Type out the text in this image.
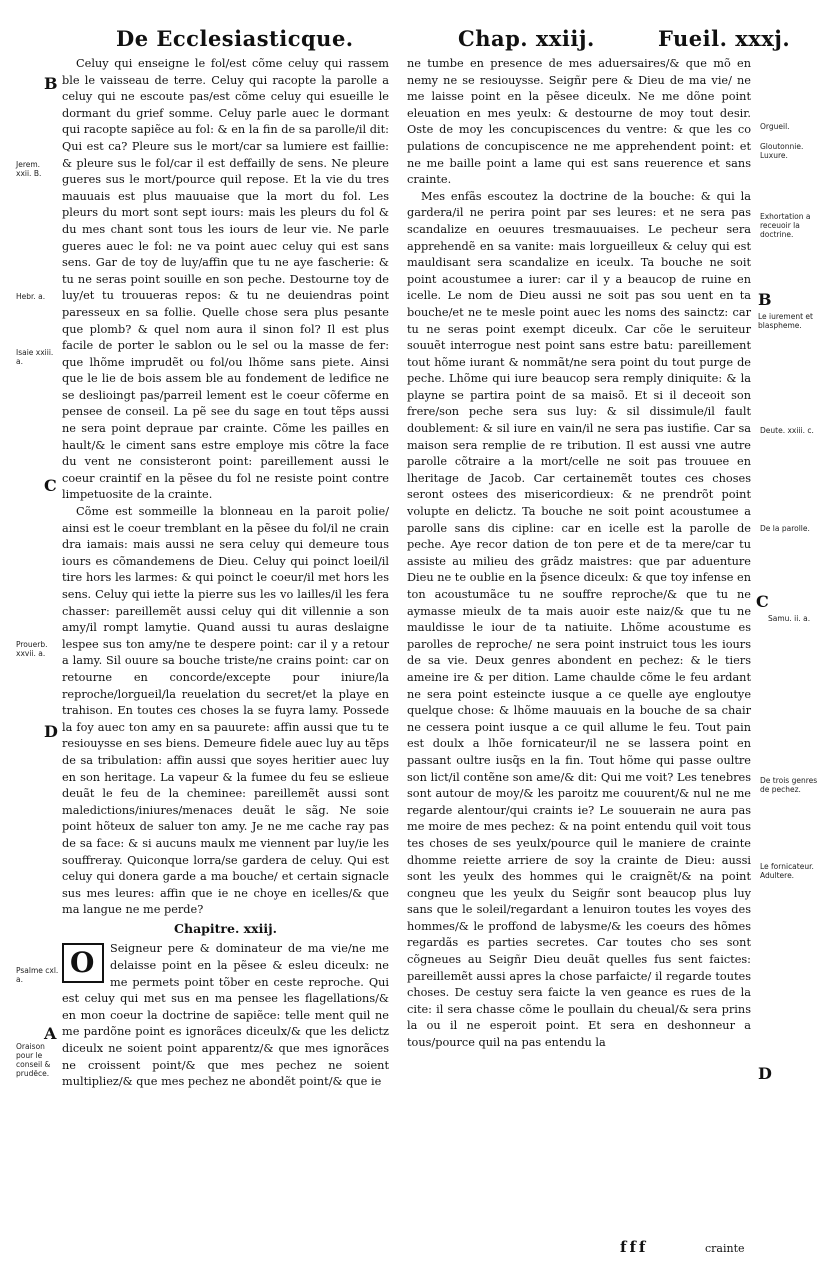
De Ecclesiasticque.	Chap. xxiij.	Fueil. xxxj.
B
Jerem. xxii. B.
Hebr. a.
Isaie xxiii. a.
C
Prouerb. xxvii. a.
D
Psalme cxl. a.
A
Oraison pour le conseil & prudẽce.
Orgueil.
Gloutonnie. Luxure.
Exhortation a receuoir la doctrine.
B
Le iurement et blaspheme.
Deute. xxiii. c.
De la parolle.
C
Samu. ii. a.
De trois genres de pechez.
Le fornicateur. Adultere.
D

Celuy qui enseigne le fol/est cõme celuy qui rassem ble le vaisseau de terre. Celuy qui racopte la parolle a celuy qui ne escoute pas/est cõme celuy qui esueille le dormant du grief somme. Celuy parle auec le dormant qui racopte sapiẽce au fol: & en la fin de sa parolle/il dit: Qui est ca? Pleure sus le mort/car sa lumiere est faillie: & pleure sus le fol/car il est deffailly de sens. Ne pleure gueres sus le mort/pource quil repose. Et la vie du tres mauuais est plus mauuaise que la mort du fol. Les pleurs du mort sont sept iours: mais les pleurs du fol & du mes chant sont tous les iours de leur vie. Ne parle gueres auec le fol: ne va point auec celuy qui est sans sens. Gar de toy de luy/affin que tu ne aye fascherie: & tu ne seras point souille en son peche. Destourne toy de luy/et tu trouueras repos: & tu ne deuiendras point paresseux en sa follie. Quelle chose sera plus pesante que plomb? & quel nom aura il sinon fol? Il est plus facile de porter le sablon ou le sel ou la masse de fer: que lhõme imprudẽt ou fol/ou lhõme sans piete. Ainsi que le lie de bois assem ble au fondement de ledifice ne se deslioingt pas/parreil lement est le coeur cõferme en pensee de conseil. La pẽ see du sage en tout tẽps aussi ne sera point depraue par crainte. Cõme les pailles en hault/& le ciment sans estre employe mis cõtre la face du vent ne consisteront point: pareillement aussi le coeur craintif en la pẽsee du fol ne resiste point contre limpetuosite de la crainte.

Cõme est sommeille la blonneau en la paroit polie/ ainsi est le coeur tremblant en la pẽsee du fol/il ne crain dra iamais: mais aussi ne sera celuy qui demeure tous iours es cõmandemens de Dieu. Celuy qui poinct loeil/il tire hors les larmes: & qui poinct le coeur/il met hors les sens. Celuy qui iette la pierre sus les vo lailles/il les fera chasser: pareillemẽt aussi celuy qui dit villennie a son amy/il rompt lamytie. Quand aussi tu auras deslaigne lespee sus ton amy/ne te despere point: car il y a retour a lamy. Sil ouure sa bouche triste/ne crains point: car on retourne en concorde/excepte pour iniure/la reproche/lorgueil/la reuelation du secret/et la playe en trahison. En toutes ces choses la se fuyra lamy. Possede la foy auec ton amy en sa pauurete: affin aussi que tu te resiouysse en ses biens. Demeure fidele auec luy au tẽps de sa tribulation: affin aussi que soyes heritier auec luy en son heritage. La vapeur & la fumee du feu se eslieue deuãt le feu de la cheminee: pareillemẽt aussi sont maledictions/iniures/menaces deuãt le sãg. Ne soie point hõteux de saluer ton amy. Je ne me cache ray pas de sa face: & si aucuns maulx me viennent par luy/ie les souffreray. Quiconque lorra/se gardera de celuy. Qui est celuy qui donera garde a ma bouche/ et certain signacle sus mes leures: affin que ie ne choye en icelles/& que ma langue ne me perde?

Chapitre. xxiij.
O	Seigneur pere & dominateur de ma vie/ne me delaisse point en la pẽsee & esleu diceulx: ne me permets point tõber en ceste reproche. Qui est celuy qui met sus en ma pensee les flagellations/& en mon coeur la doctrine de sapiẽce: telle ment quil ne me pardõne point es ignorãces diceulx/& que les delictz diceulx ne soient point apparentz/& que mes ignorãces ne croissent point/& que mes pechez ne soient multipliez/& que mes pechez ne abondẽt point/& que ie

ne tumbe en presence de mes aduersaires/& que mõ en nemy ne se resiouysse. Seigñr pere & Dieu de ma vie/ ne me laisse point en la pẽsee diceulx. Ne me dõne point eleuation en mes yeulx: & destourne de moy tout desir. Oste de moy les concupiscences du ventre: & que les co pulations de concupiscence ne me apprehendent point: et ne me baille point a lame qui est sans reuerence et sans crainte.

Mes enfãs escoutez la doctrine de la bouche: & qui la gardera/il ne perira point par ses leures: et ne sera pas scandalize en oeuures tresmauuaises. Le pecheur sera apprehendẽ en sa vanite: mais lorgueilleux & celuy qui est mauldisant sera scandalize en iceulx. Ta bouche ne soit point acoustumee a iurer: car il y a beaucop de ruine en icelle. Le nom de Dieu aussi ne soit pas sou uent en ta bouche/et ne te mesle point auec les noms des sainctz: car tu ne seras point exempt diceulx. Car cõe le seruiteur souuẽt interrogue nest point sans estre batu: pareillement tout hõme iurant & nommãt/ne sera point du tout purge de peche. Lhõme qui iure beaucop sera remply diniquite: & la playne se partira point de sa maisõ. Et si il deceoit son frere/son peche sera sus luy: & sil dissimule/il fault doublement: & sil iure en vain/il ne sera pas iustifie. Car sa maison sera remplie de re tribution. Il est aussi vne autre parolle cõtraire a la mort/celle ne soit pas trouuee en lheritage de Jacob. Car certainemẽt toutes ces choses seront ostees des misericordieux: & ne prendrõt point volupte en delictz. Ta bouche ne soit point acoustumee a parolle sans dis cipline: car en icelle est la parolle de peche. Aye recor dation de ton pere et de ta mere/car tu assiste au milieu des grãdz maistres: que par aduenture Dieu ne te oublie en la p̃sence diceulx: & que toy infense en ton acoustumãce tu ne souffre reproche/& que tu ne aymasse mieulx de ta mais auoir este naiz/& que tu ne mauldisse le iour de ta natiuite. Lhõme acoustume es parolles de reproche/ ne sera point instruict tous les iours de sa vie. Deux genres abondent en pechez: & le tiers ameine ire & per dition. Lame chaulde cõme le feu ardant ne sera point esteincte iusque a ce quelle aye engloutye quelque chose: & lhõme mauuais en la bouche de sa chair ne cessera point iusque a ce quil allume le feu. Tout pain est doulx a lhõe fornicateur/il ne se lassera point en passant oultre iusq̃s en la fin. Tout hõme qui passe oultre son lict/il contẽne son ame/& dit: Qui me voit? Les tenebres sont autour de moy/& les paroitz me couurent/& nul ne me regarde alentour/qui craints ie? Le souuerain ne aura pas me moire de mes pechez: & na point entendu quil voit tous tes choses de ses yeulx/pource quil le maniere de crainte dhomme reiette arriere de soy la crainte de Dieu: aussi sont les yeulx des hommes qui le craignẽt/& na point congneu que les yeulx du Seigñr sont beaucop plus luy sans que le soleil/regardant a lenuiron toutes les voyes des hommes/& le proffond de labysme/& les coeurs des hõmes regardãs es parties secretes. Car toutes cho ses sont cõgneues au Seigñr Dieu deuãt quelles fus sent faictes: pareillemẽt aussi apres la chose parfaicte/ il regarde toutes choses. De cestuy sera faicte la ven geance es rues de la cite: il sera chasse cõme le poullain du cheual/& sera prins la ou il ne esperoit point. Et sera en deshonneur a tous/pource quil na pas entendu la

fff	crainte
